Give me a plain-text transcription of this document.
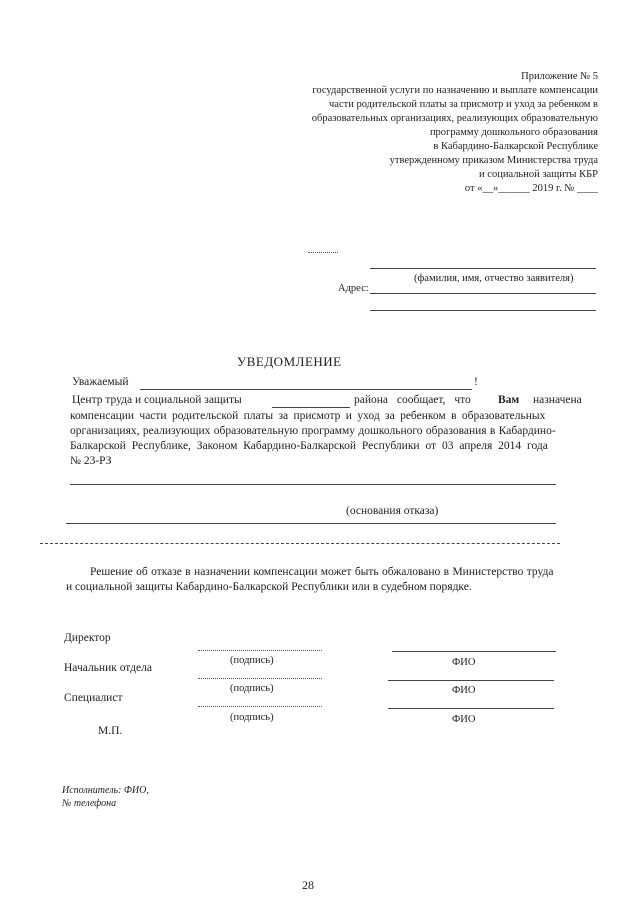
Приложение № 5
государственной услуги по назначению и выплате компенсации
части родительской платы за присмотр и уход за ребенком в
образовательных организациях, реализующих образовательную
программу дошкольного образования
в Кабардино-Балкарской Республике
утвержденному приказом Министерства труда
и социальной защиты КБР
от «__»______ 2019 г. № ____
(фамилия, имя, отчество заявителя)
Адрес:
УВЕДОМЛЕНИЕ
Уважаемый	!
Центр труда и социальной защиты	района сообщает, что Вам назначена
компенсации части родительской платы за присмотр и уход за ребенком в образовательных
организациях, реализующих образовательную программу дошкольного образования в Кабардино-
Балкарской Республике, Законом Кабардино-Балкарской Республики от 03 апреля 2014 года
№ 23-РЗ
(основания отказа)
Решение об отказе в назначении компенсации может быть обжаловано в Министерство труда
и социальной защиты Кабардино-Балкарской Республики или в судебном порядке.
Директор
(подпись)	ФИО
Начальник отдела
(подпись)	ФИО
Специалист
(подпись)	ФИО
М.П.
Исполнитель: ФИО,
№ телефона
28
